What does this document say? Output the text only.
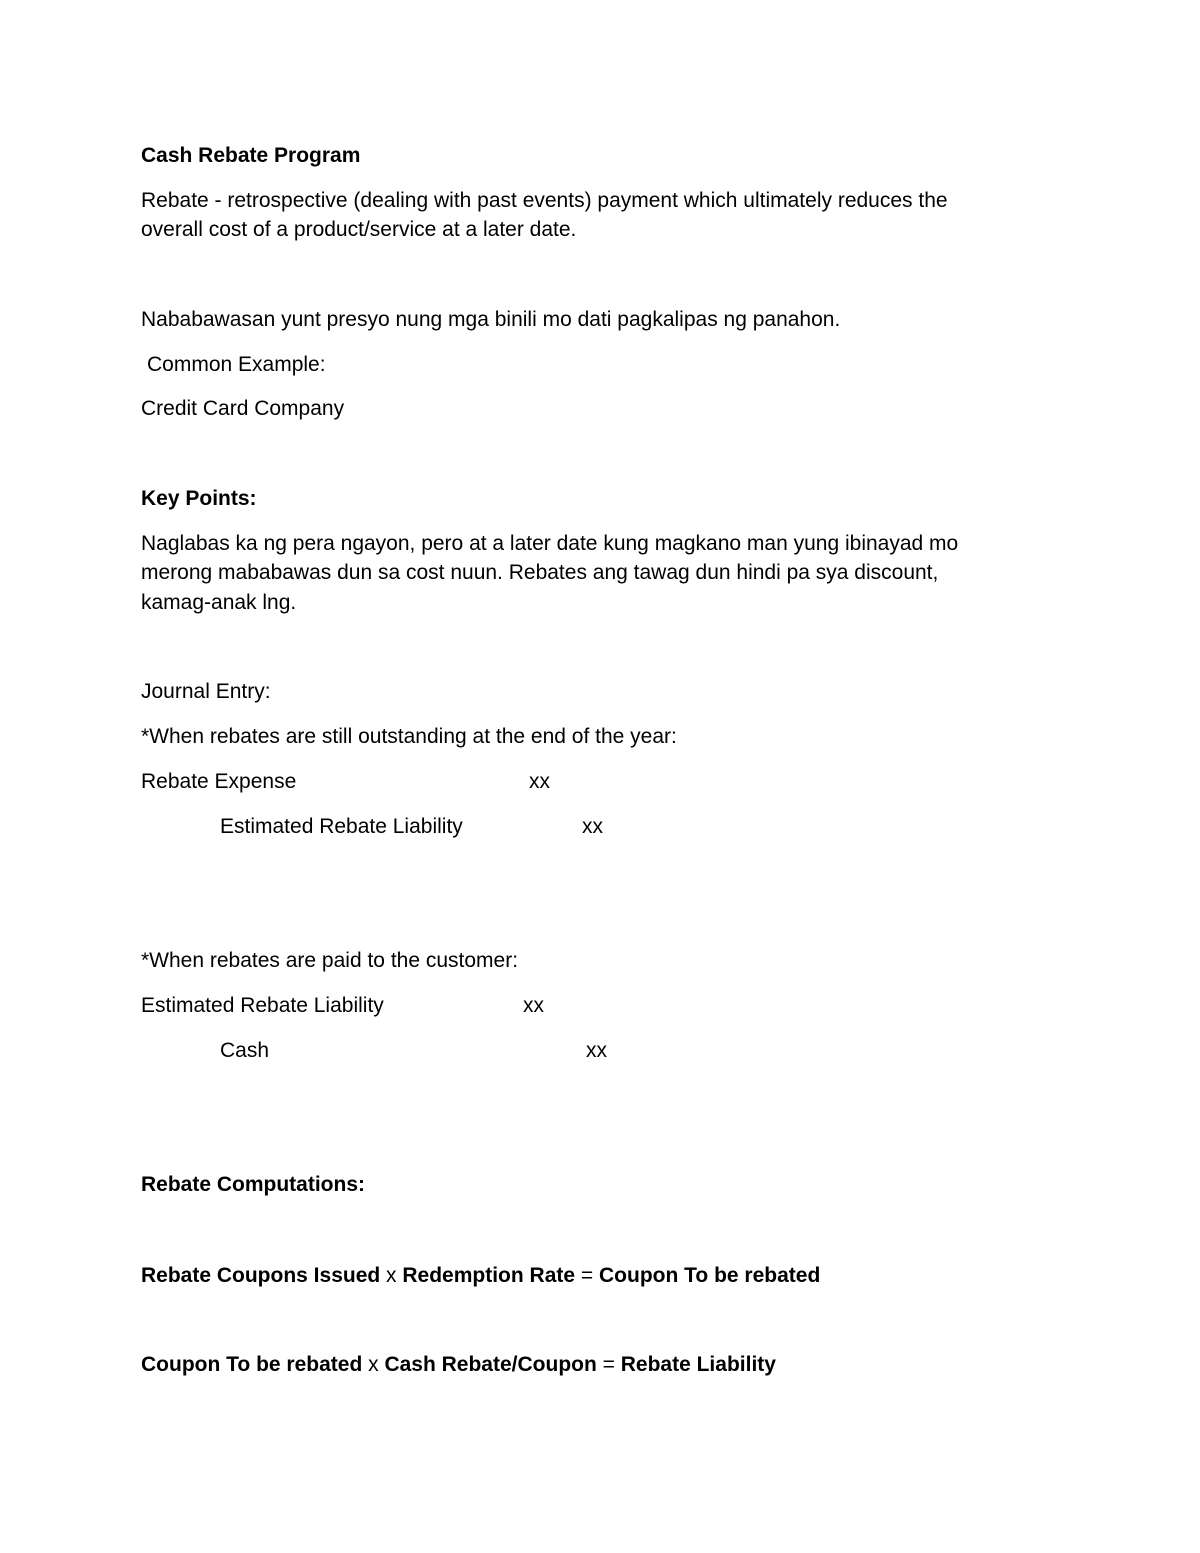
Cash Rebate Program
Rebate - retrospective (dealing with past events) payment which ultimately reduces the
overall cost of a product/service at a later date.
Nababawasan yunt presyo nung mga binili mo dati pagkalipas ng panahon.
Common Example:
Credit Card Company
Key Points:
Naglabas ka ng pera ngayon, pero at a later date kung magkano man yung ibinayad mo
merong mababawas dun sa cost nuun. Rebates ang tawag dun hindi pa sya discount,
kamag-anak lng.
Journal Entry:
*When rebates are still outstanding at the end of the year:
Rebate Expense	xx
Estimated Rebate Liability	xx
*When rebates are paid to the customer:
Estimated Rebate Liability	xx
Cash	xx
Rebate Computations:
Rebate Coupons Issued x Redemption Rate = Coupon To be rebated
Coupon To be rebated x Cash Rebate/Coupon = Rebate Liability
